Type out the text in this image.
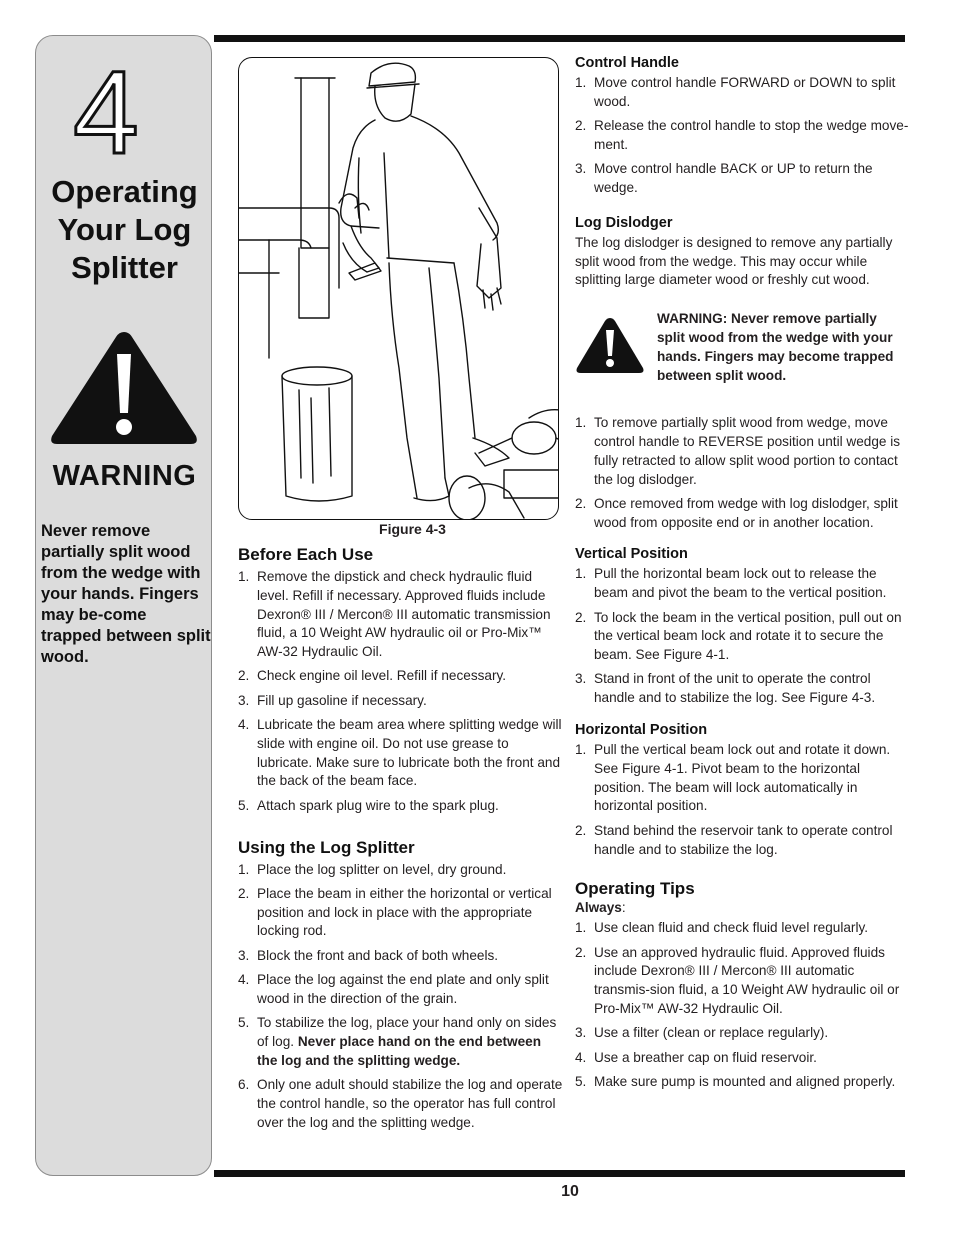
4
Operating
Your Log
Splitter
WARNING
Never remove partially split wood from the wedge with your hands. Fingers may be-come trapped between split wood.
Figure 4-3
Before Each Use
1. Remove the dipstick and check hydraulic fluid level. Refill if necessary. Approved fluids include Dexron® III / Mercon® III automatic transmission fluid, a 10 Weight AW hydraulic oil or Pro-Mix™ AW-32 Hydraulic Oil.
2. Check engine oil level. Refill if necessary.
3. Fill up gasoline if necessary.
4. Lubricate the beam area where splitting wedge will slide with engine oil. Do not use grease to lubricate. Make sure to lubricate both the front and the back of the beam face.
5. Attach spark plug wire to the spark plug.
Using the Log Splitter
1. Place the log splitter on level, dry ground.
2. Place the beam in either the horizontal or vertical position and lock in place with the appropriate locking rod.
3. Block the front and back of both wheels.
4. Place the log against the end plate and only split wood in the direction of the grain.
5. To stabilize the log, place your hand only on sides of log. Never place hand on the end between the log and the splitting wedge.
6. Only one adult should stabilize the log and operate the control handle, so the operator has full control over the log and the splitting wedge.
Control Handle
1. Move control handle FORWARD or DOWN to split wood.
2. Release the control handle to stop the wedge move-ment.
3. Move control handle BACK or UP to return the wedge.
Log Dislodger

The log dislodger is designed to remove any partially split wood from the wedge. This may occur while splitting large diameter wood or freshly cut wood.

WARNING: Never remove partially split wood from the wedge with your hands. Fingers may become trapped between split wood.
1. To remove partially split wood from wedge, move control handle to REVERSE position until wedge is fully retracted to allow split wood portion to contact the log dislodger.
2. Once removed from wedge with log dislodger, split wood from opposite end or in another location.
Vertical Position
1. Pull the horizontal beam lock out to release the beam and pivot the beam to the vertical position.
2. To lock the beam in the vertical position, pull out on the vertical beam lock and rotate it to secure the beam. See Figure 4-1.
3. Stand in front of the unit to operate the control handle and to stabilize the log. See Figure 4-3.
Horizontal Position
1. Pull the vertical beam lock out and rotate it down. See Figure 4-1. Pivot beam to the horizontal position. The beam will lock automatically in horizontal position.
2. Stand behind the reservoir tank to operate control handle and to stabilize the log.
Operating Tips
Always:
1. Use clean fluid and check fluid level regularly.
2. Use an approved hydraulic fluid. Approved fluids include Dexron® III / Mercon® III automatic transmis-sion fluid, a 10 Weight AW hydraulic oil or Pro-Mix™ AW-32 Hydraulic Oil.
3. Use a filter (clean or replace regularly).
4. Use a breather cap on fluid reservoir.
5. Make sure pump is mounted and aligned properly.
10
